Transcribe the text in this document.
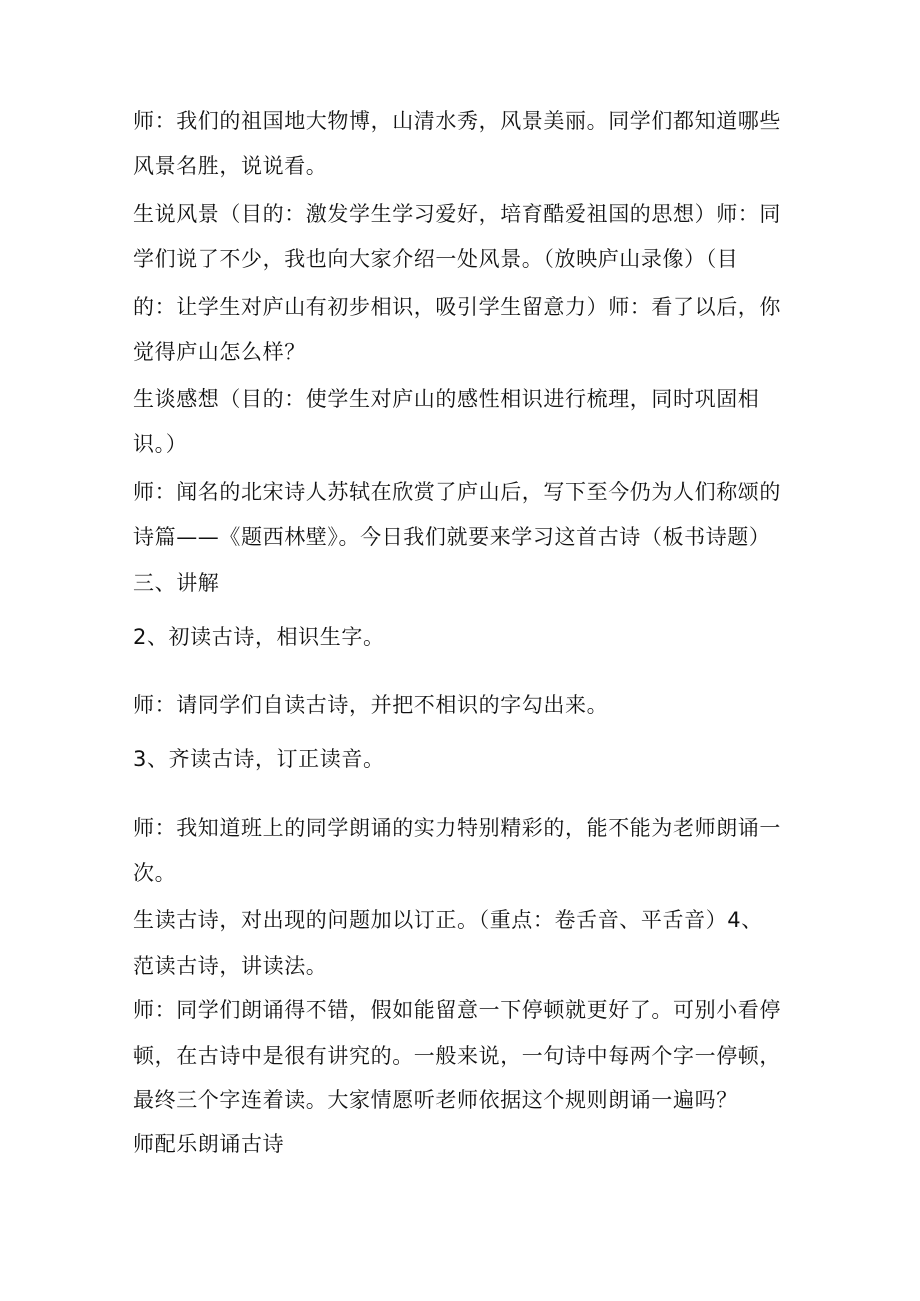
师：我们的祖国地大物博，山清水秀，风景美丽。同学们都知道哪些
风景名胜，说说看。
生说风景（目的：激发学生学习爱好，培育酷爱祖国的思想）师：同
学们说了不少，我也向大家介绍一处风景。（放映庐山录像）（目
的：让学生对庐山有初步相识，吸引学生留意力）师：看了以后，你
觉得庐山怎么样？
生谈感想（目的：使学生对庐山的感性相识进行梳理，同时巩固相
识。）
师：闻名的北宋诗人苏轼在欣赏了庐山后，写下至今仍为人们称颂的
诗篇——《题西林壁》。今日我们就要来学习这首古诗（板书诗题）
三、讲解
2、初读古诗，相识生字。
师：请同学们自读古诗，并把不相识的字勾出来。
3、齐读古诗，订正读音。
师：我知道班上的同学朗诵的实力特别精彩的，能不能为老师朗诵一
次。
生读古诗，对出现的问题加以订正。（重点：卷舌音、平舌音）4、
范读古诗，讲读法。
师：同学们朗诵得不错，假如能留意一下停顿就更好了。可别小看停
顿，在古诗中是很有讲究的。一般来说，一句诗中每两个字一停顿，
最终三个字连着读。大家情愿听老师依据这个规则朗诵一遍吗？
师配乐朗诵古诗
